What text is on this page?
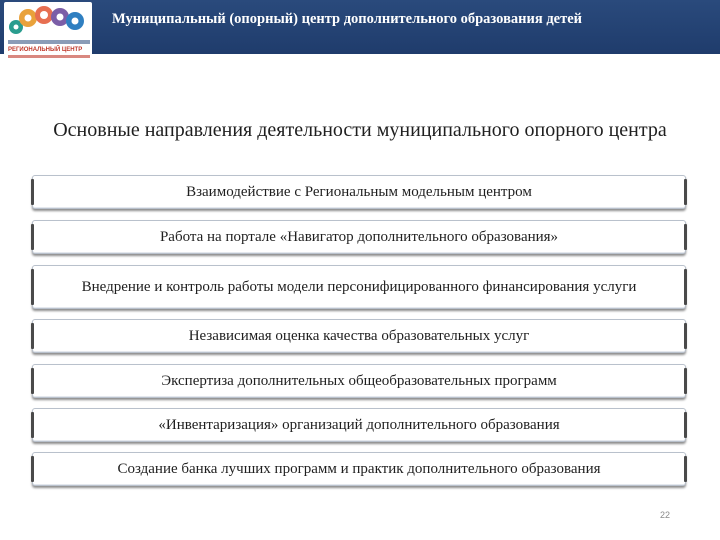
РЕГИОНАЛЬНЫЙ ЦЕНТР
Муниципальный (опорный) центр дополнительного образования детей
Основные направления деятельности муниципального опорного центра
Взаимодействие с Региональным модельным центром
Работа на портале «Навигатор дополнительного образования»
Внедрение и контроль работы модели персонифицированного финансирования услуги
Независимая оценка качества образовательных услуг
Экспертиза дополнительных общеобразовательных программ
«Инвентаризация» организаций дополнительного образования
Создание банка лучших программ и практик дополнительного образования
22
